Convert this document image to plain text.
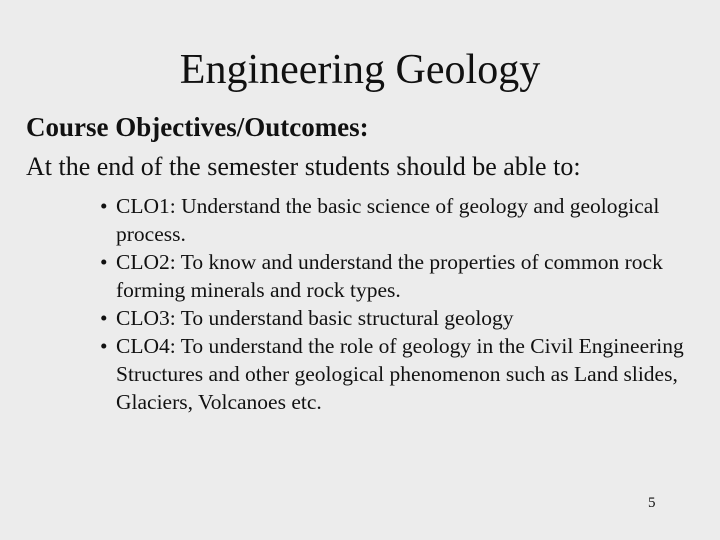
Engineering Geology
Course Objectives/Outcomes:

At the end of the semester students should be able to:

• CLO1: Understand the basic science of geology and geological process.
• CLO2: To know and understand the properties of common rock forming minerals and rock types.
• CLO3: To understand basic structural geology
• CLO4: To understand the role of geology in the Civil Engineering Structures and other geological phenomenon such as Land slides, Glaciers, Volcanoes etc.
5
